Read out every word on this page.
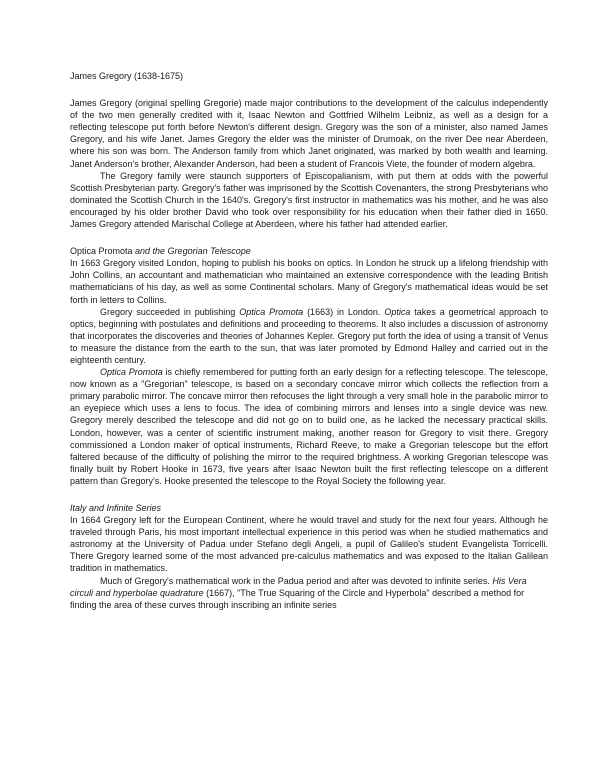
James Gregory (1638-1675)

James Gregory (original spelling Gregorie) made major contributions to the development of the calculus independently of the two men generally credited with it, Isaac Newton and Gottfried Wilhelm Leibniz, as well as a design for a reflecting telescope put forth before Newton's different design. Gregory was the son of a minister, also named James Gregory, and his wife Janet. James Gregory the elder was the minister of Drumoak, on the river Dee near Aberdeen, where his son was born. The Anderson family from which Janet originated, was marked by both wealth and learning. Janet Anderson's brother, Alexander Anderson, had been a student of Francois Viete, the founder of modern algebra.

The Gregory family were staunch supporters of Episcopalianism, with put them at odds with the powerful Scottish Presbyterian party. Gregory's father was imprisoned by the Scottish Covenanters, the strong Presbyterians who dominated the Scottish Church in the 1640's. Gregory's first instructor in mathematics was his mother, and he was also encouraged by his older brother David who took over responsibility for his education when their father died in 1650. James Gregory attended Marischal College at Aberdeen, where his father had attended earlier.

Optica Promota and the Gregorian Telescope

In 1663 Gregory visited London, hoping to publish his books on optics. In London he struck up a lifelong friendship with John Collins, an accountant and mathematician who maintained an extensive correspondence with the leading British mathematicians of his day, as well as some Continental scholars. Many of Gregory's mathematical ideas would be set forth in letters to Collins.

Gregory succeeded in publishing Optica Promota (1663) in London. Optica takes a geometrical approach to optics, beginning with postulates and definitions and proceeding to theorems. It also includes a discussion of astronomy that incorporates the discoveries and theories of Johannes Kepler. Gregory put forth the idea of using a transit of Venus to measure the distance from the earth to the sun, that was later promoted by Edmond Halley and carried out in the eighteenth century.

Optica Promota is chiefly remembered for putting forth an early design for a reflecting telescope. The telescope, now known as a "Gregorian" telescope, is based on a secondary concave mirror which collects the reflection from a primary parabolic mirror. The concave mirror then refocuses the light through a very small hole in the parabolic mirror to an eyepiece which uses a lens to focus. The idea of combining mirrors and lenses into a single device was new. Gregory merely described the telescope and did not go on to build one, as he lacked the necessary practical skills. London, however, was a center of scientific instrument making, another reason for Gregory to visit there. Gregory commissioned a London maker of optical instruments, Richard Reeve, to make a Gregorian telescope but the effort faltered because of the difficulty of polishing the mirror to the required brightness. A working Gregorian telescope was finally built by Robert Hooke in 1673, five years after Isaac Newton built the first reflecting telescope on a different pattern than Gregory's. Hooke presented the telescope to the Royal Society the following year.

Italy and Infinite Series

In 1664 Gregory left for the European Continent, where he would travel and study for the next four years. Although he traveled through Paris, his most important intellectual experience in this period was when he studied mathematics and astronomy at the University of Padua under Stefano degli Angeli, a pupil of Galileo's student Evangelista Torricelli. There Gregory learned some of the most advanced pre-calculus mathematics and was exposed to the Italian Galilean tradition in mathematics.

Much of Gregory's mathematical work in the Padua period and after was devoted to infinite series. His Vera circuli and hyperbolae quadrature (1667), "The True Squaring of the Circle and Hyperbola" described a method for finding the area of these curves through inscribing an infinite series
